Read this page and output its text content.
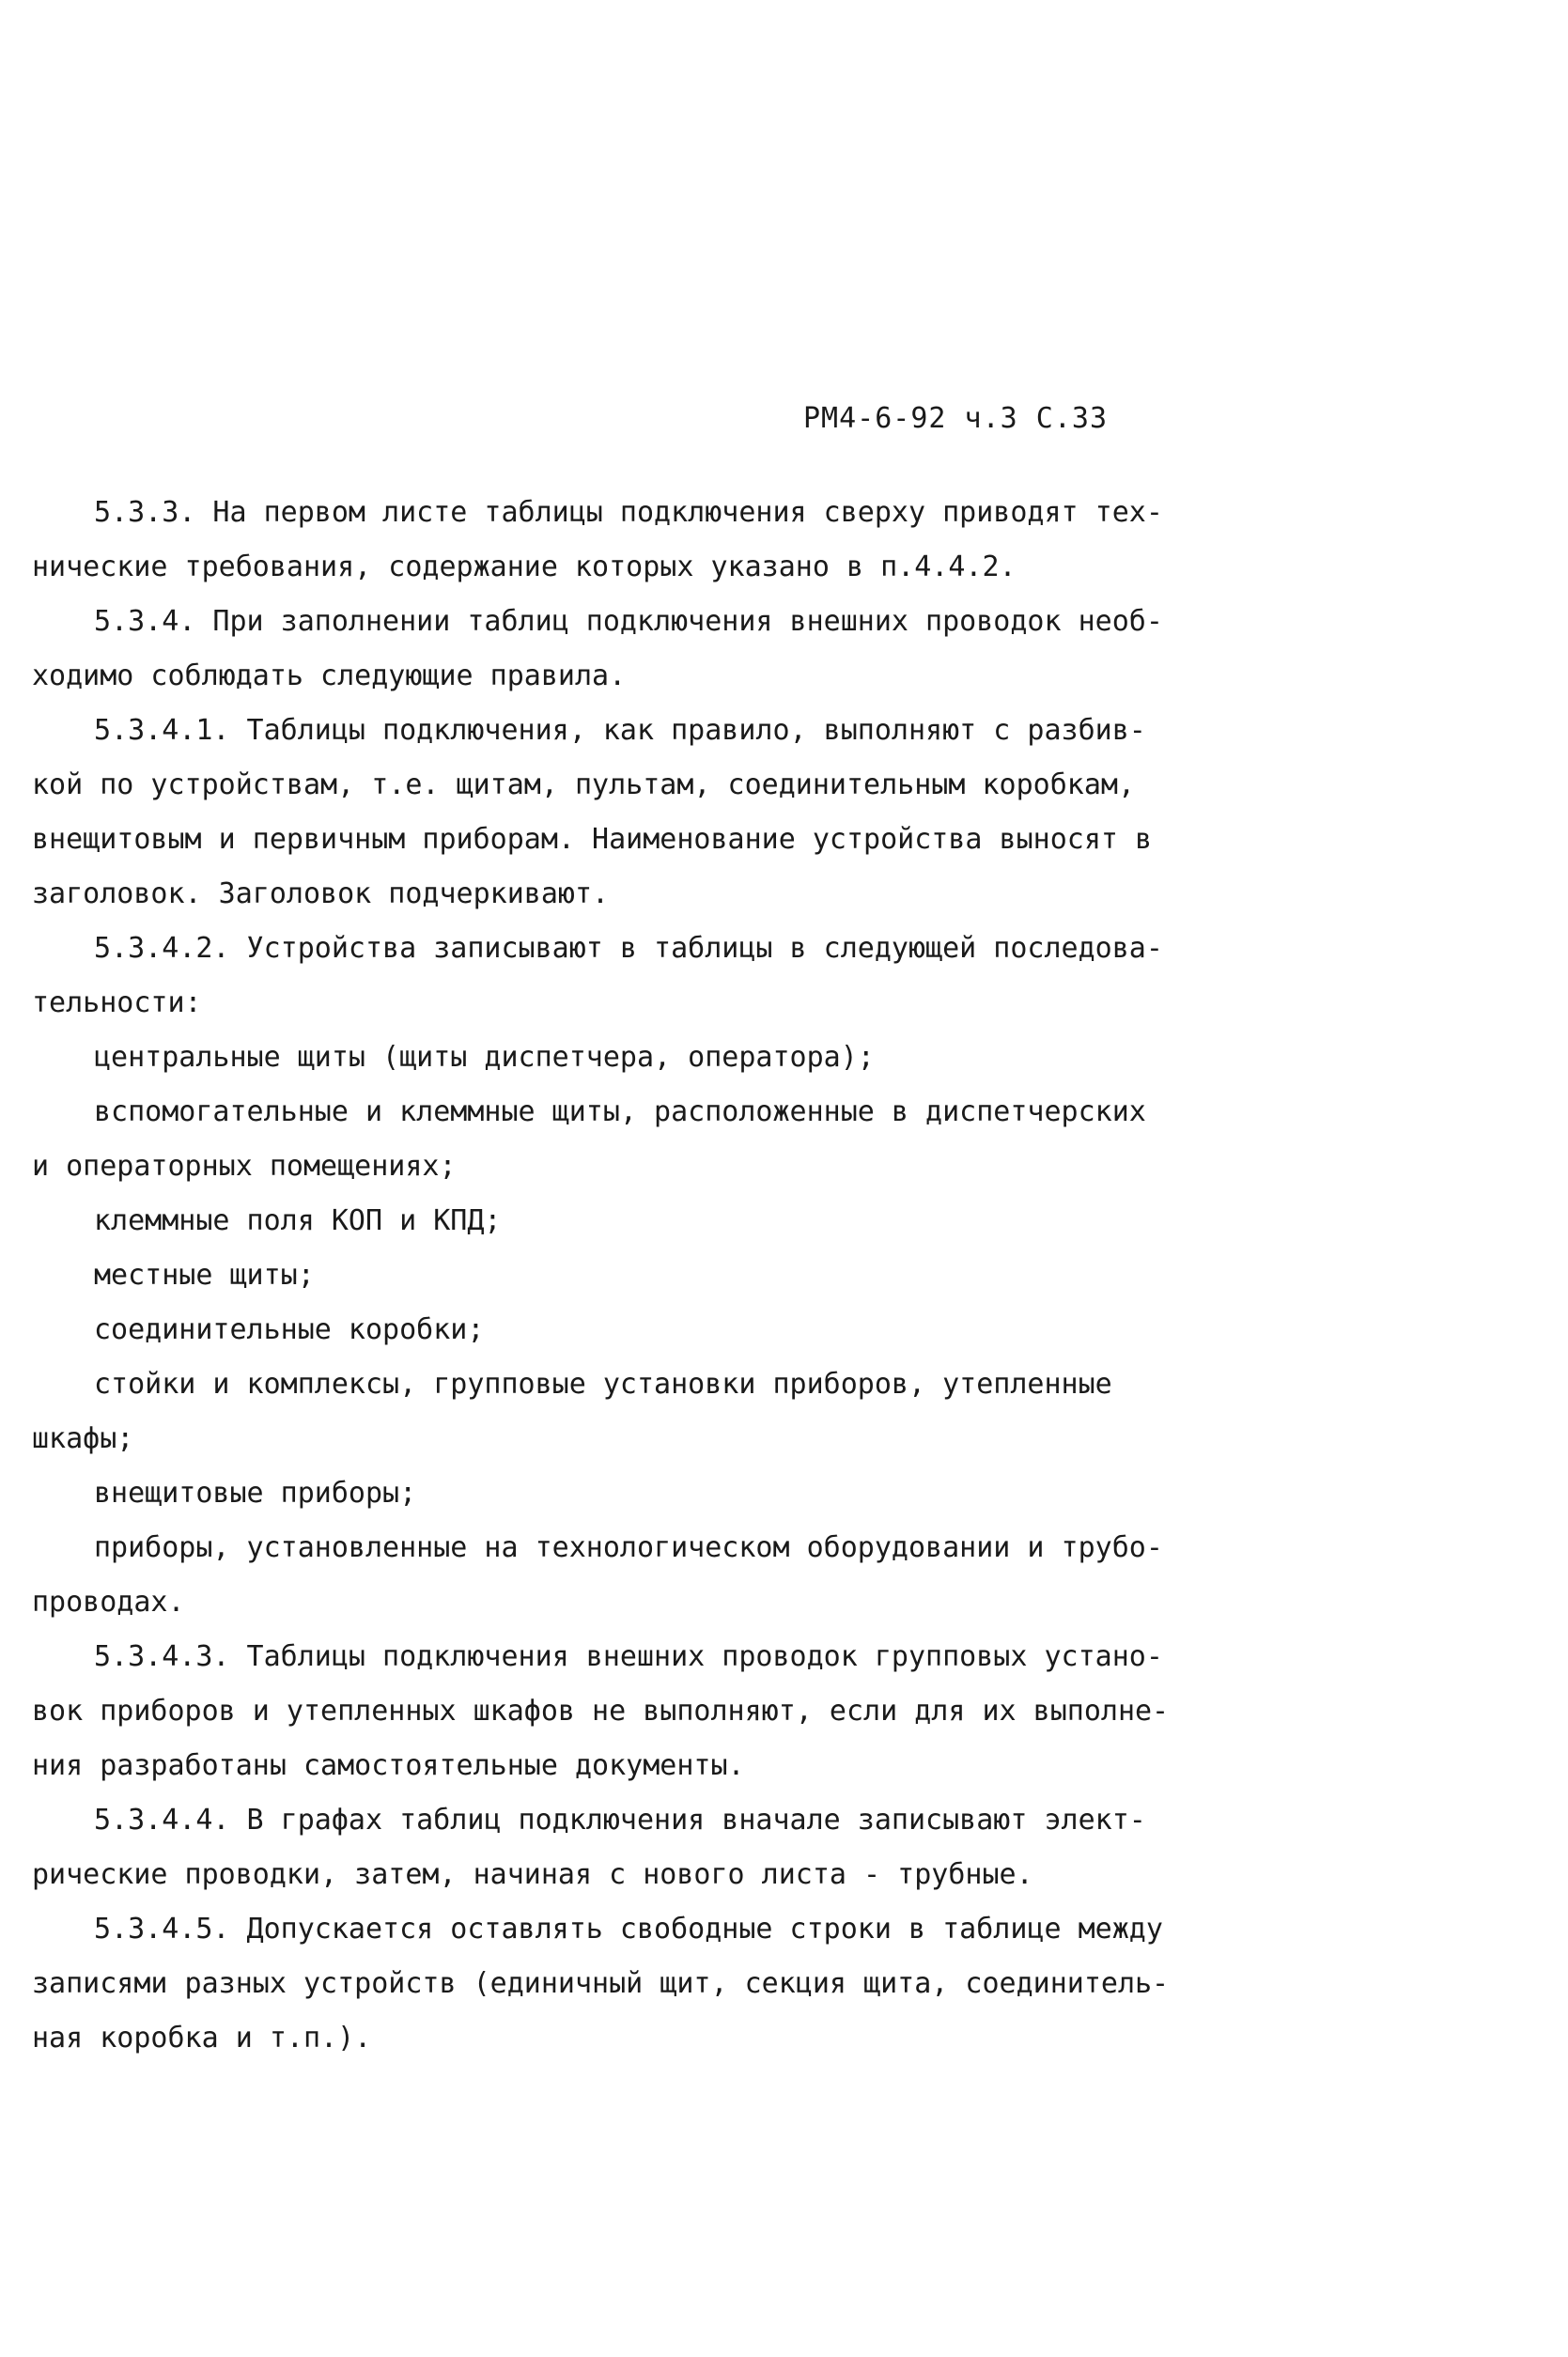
РМ4-6-92 ч.3 С.33
5.3.3. На первом листе таблицы подключения сверху приводят тех-
нические требования, содержание которых указано в п.4.4.2.
5.3.4. При заполнении таблиц подключения внешних проводок необ-
ходимо соблюдать следующие правила.
5.3.4.1. Таблицы подключения, как правило, выполняют с разбив-
кой по устройствам, т.е. щитам, пультам, соединительным коробкам,
внещитовым и первичным приборам. Наименование устройства выносят в
заголовок. Заголовок подчеркивают.
5.3.4.2. Устройства записывают в таблицы в следующей последова-
тельности:
центральные щиты (щиты диспетчера, оператора);
вспомогательные и клеммные щиты, расположенные в диспетчерских
и операторных помещениях;
клеммные поля КОП и КПД;
местные щиты;
соединительные коробки;
стойки и комплексы, групповые установки приборов, утепленные
шкафы;
внещитовые приборы;
приборы, установленные на технологическом оборудовании и трубо-
проводах.
5.3.4.3. Таблицы подключения внешних проводок групповых устано-
вок приборов и утепленных шкафов не выполняют, если для их выполне-
ния разработаны самостоятельные документы.
5.3.4.4. В графах таблиц подключения вначале записывают элект-
рические проводки, затем, начиная с нового листа - трубные.
5.3.4.5. Допускается оставлять свободные строки в таблице между
записями разных устройств (единичный щит, секция щита, соединитель-
ная коробка и т.п.).
